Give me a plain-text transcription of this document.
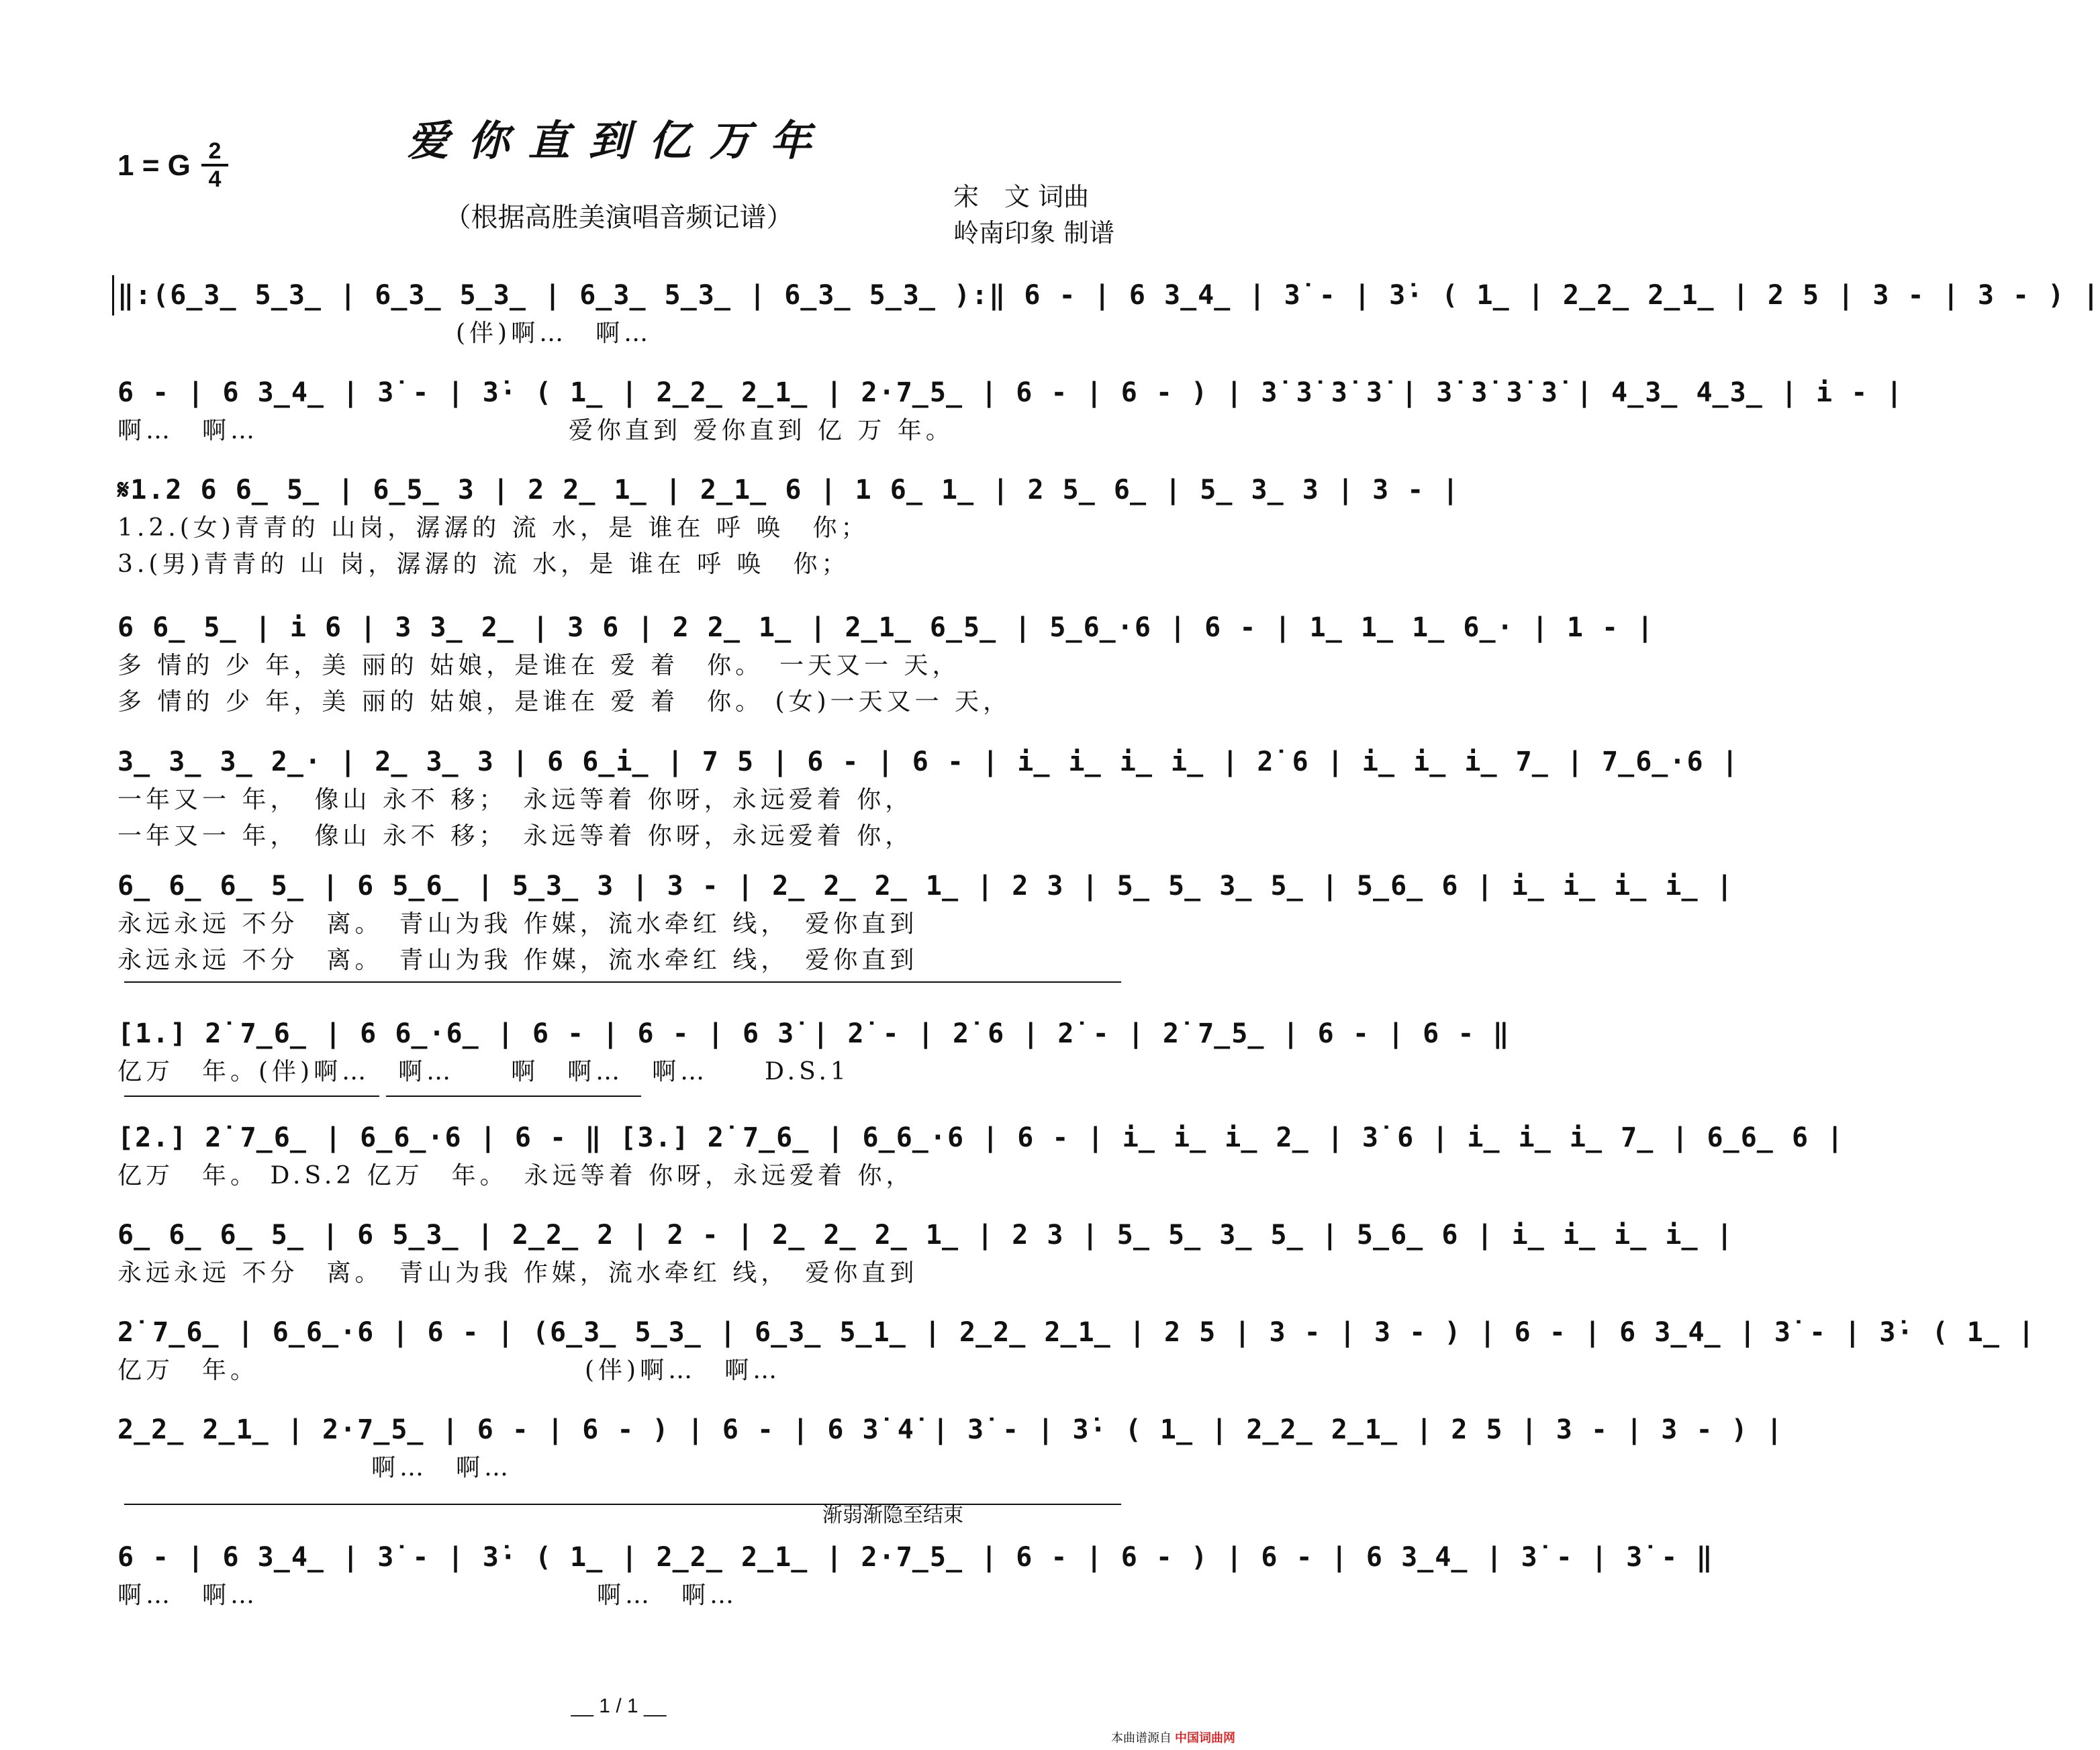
爱你直到亿万年
1 = G 2
4
（根据高胜美演唱音频记谱）
宋　文 词曲
岭南印象 制谱
‖:(6̲3̲ 5̲3̲ | 6̲3̲ 5̲3̲ | 6̲3̲ 5̲3̲ | 6̲3̲ 5̲3̲ ):‖ 6 - | 6 3̲4̲ | 3̇ - | 3̇· ( 1̲ | 2̲2̲ 2̲1̲ | 2 5 | 3 - | 3 - ) |
　　　　　　　　　　　　(伴)啊…　啊…
6 - | 6 3̲4̲ | 3̇ - | 3̇· ( 1̲ | 2̲2̲ 2̲1̲ | 2·7̲5̲ | 6 - | 6 - ) | 3̇ 3̇ 3̇ 3̇ | 3̇ 3̇ 3̇ 3̇ | 4̲3̲ 4̲3̲ | i - |
啊…　啊…　　　　　　　　　　　爱你直到 爱你直到 亿 万 年。
𝄋1.2 6 6̲ 5̲ | 6̲5̲ 3 | 2 2̲ 1̲ | 2̲1̲ 6 | 1 6̲ 1̲ | 2 5̲ 6̲ | 5̲ 3̲ 3 | 3 - |
1.2.(女)青青的 山岗，潺潺的 流 水，是 谁在 呼 唤　你；
3.(男)青青的 山 岗，潺潺的 流 水，是 谁在 呼 唤　你；
6 6̲ 5̲ | i 6 | 3 3̲ 2̲ | 3 6 | 2 2̲ 1̲ | 2̲1̲ 6̲5̲ | 5̲6̲·6 | 6 - | 1̲ 1̲ 1̲ 6̲· | 1 - |
多 情的 少 年，美 丽的 姑娘，是谁在 爱 着　你。　一天又一 天，
多 情的 少 年，美 丽的 姑娘，是谁在 爱 着　你。 (女)一天又一 天，
3̲ 3̲ 3̲ 2̲· | 2̲ 3̲ 3 | 6 6̲i̲ | 7 5 | 6 - | 6 - | i̲ i̲ i̲ i̲ | 2̇ 6 | i̲ i̲ i̲ 7̲ | 7̲6̲·6 |
一年又一 年，　像山 永不 移；　永远等着 你呀，永远爱着 你，
一年又一 年，　像山 永不 移；　永远等着 你呀，永远爱着 你，
6̲ 6̲ 6̲ 5̲ | 6 5̲6̲ | 5̲3̲ 3 | 3 - | 2̲ 2̲ 2̲ 1̲ | 2 3 | 5̲ 5̲ 3̲ 5̲ | 5̲6̲ 6 | i̲ i̲ i̲ i̲ |
永远永远 不分　离。　青山为我 作媒，流水牵红 线，　爱你直到
永远永远 不分　离。　青山为我 作媒，流水牵红 线，　爱你直到
[1.] 2̇ 7̲6̲ | 6 6̲·6̲ | 6 - | 6 - | 6 3̇ | 2̇ - | 2̇ 6 | 2̇ - | 2̇ 7̲5̲ | 6 - | 6 - ‖
亿万　年。(伴)啊…　啊…　　啊　啊…　啊…　　D.S.1
[2.] 2̇ 7̲6̲ | 6̲6̲·6 | 6 - ‖ [3.] 2̇ 7̲6̲ | 6̲6̲·6 | 6 - | i̲ i̲ i̲ 2̲ | 3̇ 6 | i̲ i̲ i̲ 7̲ | 6̲6̲ 6 |
亿万　年。 D.S.2 亿万　年。　永远等着 你呀，永远爱着 你，
6̲ 6̲ 6̲ 5̲ | 6 5̲3̲ | 2̲2̲ 2 | 2 - | 2̲ 2̲ 2̲ 1̲ | 2 3 | 5̲ 5̲ 3̲ 5̲ | 5̲6̲ 6 | i̲ i̲ i̲ i̲ |
永远永远 不分　离。　青山为我 作媒，流水牵红 线，　爱你直到
2̇ 7̲6̲ | 6̲6̲·6 | 6 - | (6̲3̲ 5̲3̲ | 6̲3̲ 5̲1̲ | 2̲2̲ 2̲1̲ | 2 5 | 3 - | 3 - ) | 6 - | 6 3̲4̲ | 3̇ - | 3̇· ( 1̲ |
亿万　年。　　　　　　　　　　　　(伴)啊…　啊…
2̲2̲ 2̲1̲ | 2·7̲5̲ | 6 - | 6 - ) | 6 - | 6 3̇ 4̇ | 3̇ - | 3̇· ( 1̲ | 2̲2̲ 2̲1̲ | 2 5 | 3 - | 3 - ) |
　　　　　　　　　啊…　啊…
渐弱渐隐至结束
6 - | 6 3̲4̲ | 3̇ - | 3̇· ( 1̲ | 2̲2̲ 2̲1̲ | 2·7̲5̲ | 6 - | 6 - ) | 6 - | 6 3̲4̲ | 3̇ - | 3̇ - ‖
啊…　啊…　　　　　　　　　　　　啊…　啊…
__ 1 / 1 __
本曲谱源自 中国词曲网
